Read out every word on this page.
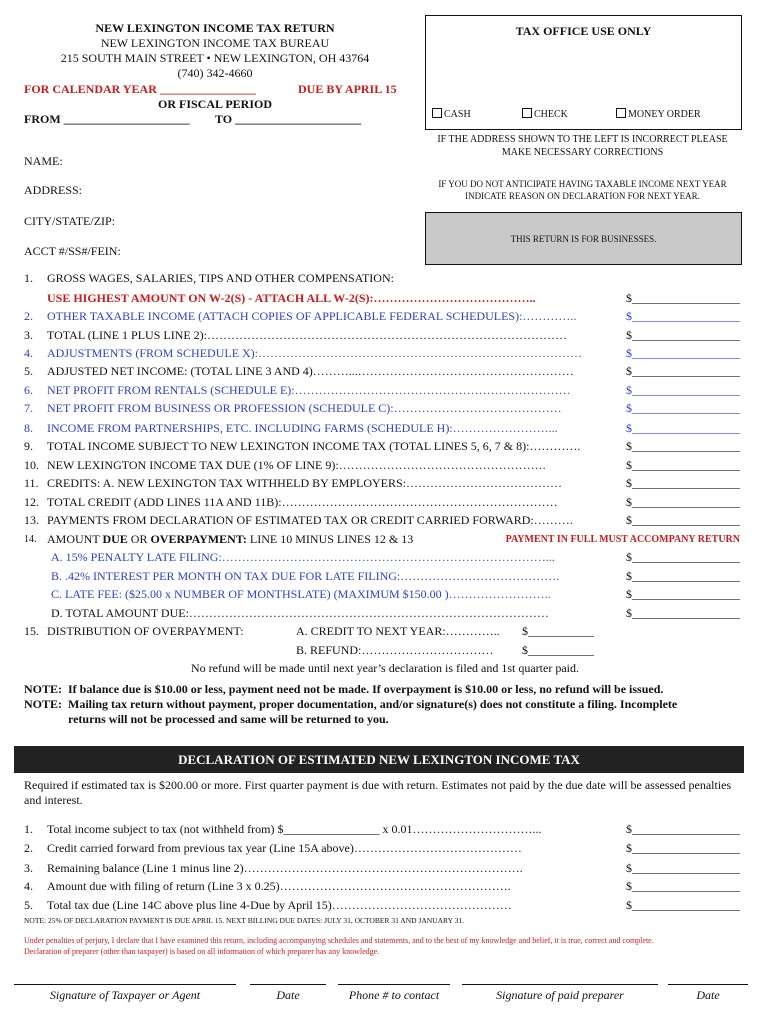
NEW LEXINGTON INCOME TAX RETURN
NEW LEXINGTON INCOME TAX BUREAU
215 SOUTH MAIN STREET • NEW LEXINGTON, OH 43764
(740) 342-4660
FOR CALENDAR YEAR ________________	DUE BY APRIL 15
OR FISCAL PERIOD
FROM _____________________ TO _____________________
TAX OFFICE USE ONLY
CASH	CHECK	MONEY ORDER
IF THE ADDRESS SHOWN TO THE LEFT IS INCORRECT PLEASE MAKE NECESSARY CORRECTIONS
IF YOU DO NOT ANTICIPATE HAVING TAXABLE INCOME NEXT YEAR INDICATE REASON ON DECLARATION FOR NEXT YEAR.
THIS RETURN IS FOR BUSINESSES.
NAME:
ADDRESS:
CITY/STATE/ZIP:
ACCT #/SS#/FEIN:
1. GROSS WAGES, SALARIES, TIPS AND OTHER COMPENSATION:
USE HIGHEST AMOUNT ON W-2(S) - ATTACH ALL W-2(S):…………………………………..	$__________________
2. OTHER TAXABLE INCOME (ATTACH COPIES OF APPLICABLE FEDERAL SCHEDULES):…………..	$__________________
3. TOTAL (LINE 1 PLUS LINE 2):………………………………………………………………………………	$__________________
4. ADJUSTMENTS (FROM SCHEDULE X):………………………………………………………………………	$__________________
5. ADJUSTED NET INCOME: (TOTAL LINE 3 AND 4)………...………………………………………………	$__________________
6. NET PROFIT FROM RENTALS (SCHEDULE E):……………………………………………………………	$__________________
7. NET PROFIT FROM BUSINESS OR PROFESSION (SCHEDULE C):……………………………………	$__________________
8. INCOME FROM PARTNERSHIPS, ETC. INCLUDING FARMS (SCHEDULE H):……………………...	$__________________
9. TOTAL INCOME SUBJECT TO NEW LEXINGTON INCOME TAX (TOTAL LINES 5, 6, 7 & 8):………….	$__________________
10. NEW LEXINGTON INCOME TAX DUE (1% OF LINE 9):…………………………………………….	$__________________
11. CREDITS: A. NEW LEXINGTON TAX WITHHELD BY EMPLOYERS:…………………………………	$__________________
12. TOTAL CREDIT (ADD LINES 11A AND 11B):……………………………………………………………	$__________________
13. PAYMENTS FROM DECLARATION OF ESTIMATED TAX OR CREDIT CARRIED FORWARD:……….	$__________________
14. AMOUNT DUE OR OVERPAYMENT: LINE 10 MINUS LINES 12 & 13	PAYMENT IN FULL MUST ACCOMPANY RETURN
A. 15% PENALTY LATE FILING:………………………………………………………………………...	$__________________
B. .42% INTEREST PER MONTH ON TAX DUE FOR LATE FILING:………………………………….	$__________________
C. LATE FEE: ($25.00 x NUMBER OF MONTHSLATE) (MAXIMUM $150.00 )……………………..	$__________________
D. TOTAL AMOUNT DUE:………………………………………………………………………………	$__________________
15. DISTRIBUTION OF OVERPAYMENT:	A. CREDIT TO NEXT YEAR:………….. $___________
B. REFUND:…………………………… $___________
No refund will be made until next year’s declaration is filed and 1st quarter paid.
NOTE: If balance due is $10.00 or less, payment need not be made. If overpayment is $10.00 or less, no refund will be issued.
NOTE: Mailing tax return without payment, proper documentation, and/or signature(s) does not constitute a filing. Incomplete
returns will not be processed and same will be returned to you.
DECLARATION OF ESTIMATED NEW LEXINGTON INCOME TAX
Required if estimated tax is $200.00 or more. First quarter payment is due with return. Estimates not paid by the due date will be assessed penalties and interest.
1. Total income subject to tax (not withheld from) $________________ x 0.01…………………………...	$__________________
2. Credit carried forward from previous tax year (Line 15A above)……………………………………	$__________________
3. Remaining balance (Line 1 minus line 2)…………………………………………………………….	$__________________
4. Amount due with filing of return (Line 3 x 0.25)………………………………………………….	$__________________
5. Total tax due (Line 14C above plus line 4-Due by April 15)………………………………………	$__________________
NOTE: 25% OF DECLARATION PAYMENT IS DUE APRIL 15. NEXT BILLING DUE DATES: JULY 31, OCTOBER 31 AND JANUARY 31.
Under penalties of perjury, I declare that I have examined this return, including accompanying schedules and statements, and to the best of my knowledge and belief, it is true, correct and complete.
Declaration of preparer (other than taxpayer) is based on all information of which preparer has any knowledge.
Signature of Taxpayer or Agent	Date	Phone # to contact	Signature of paid preparer	Date
